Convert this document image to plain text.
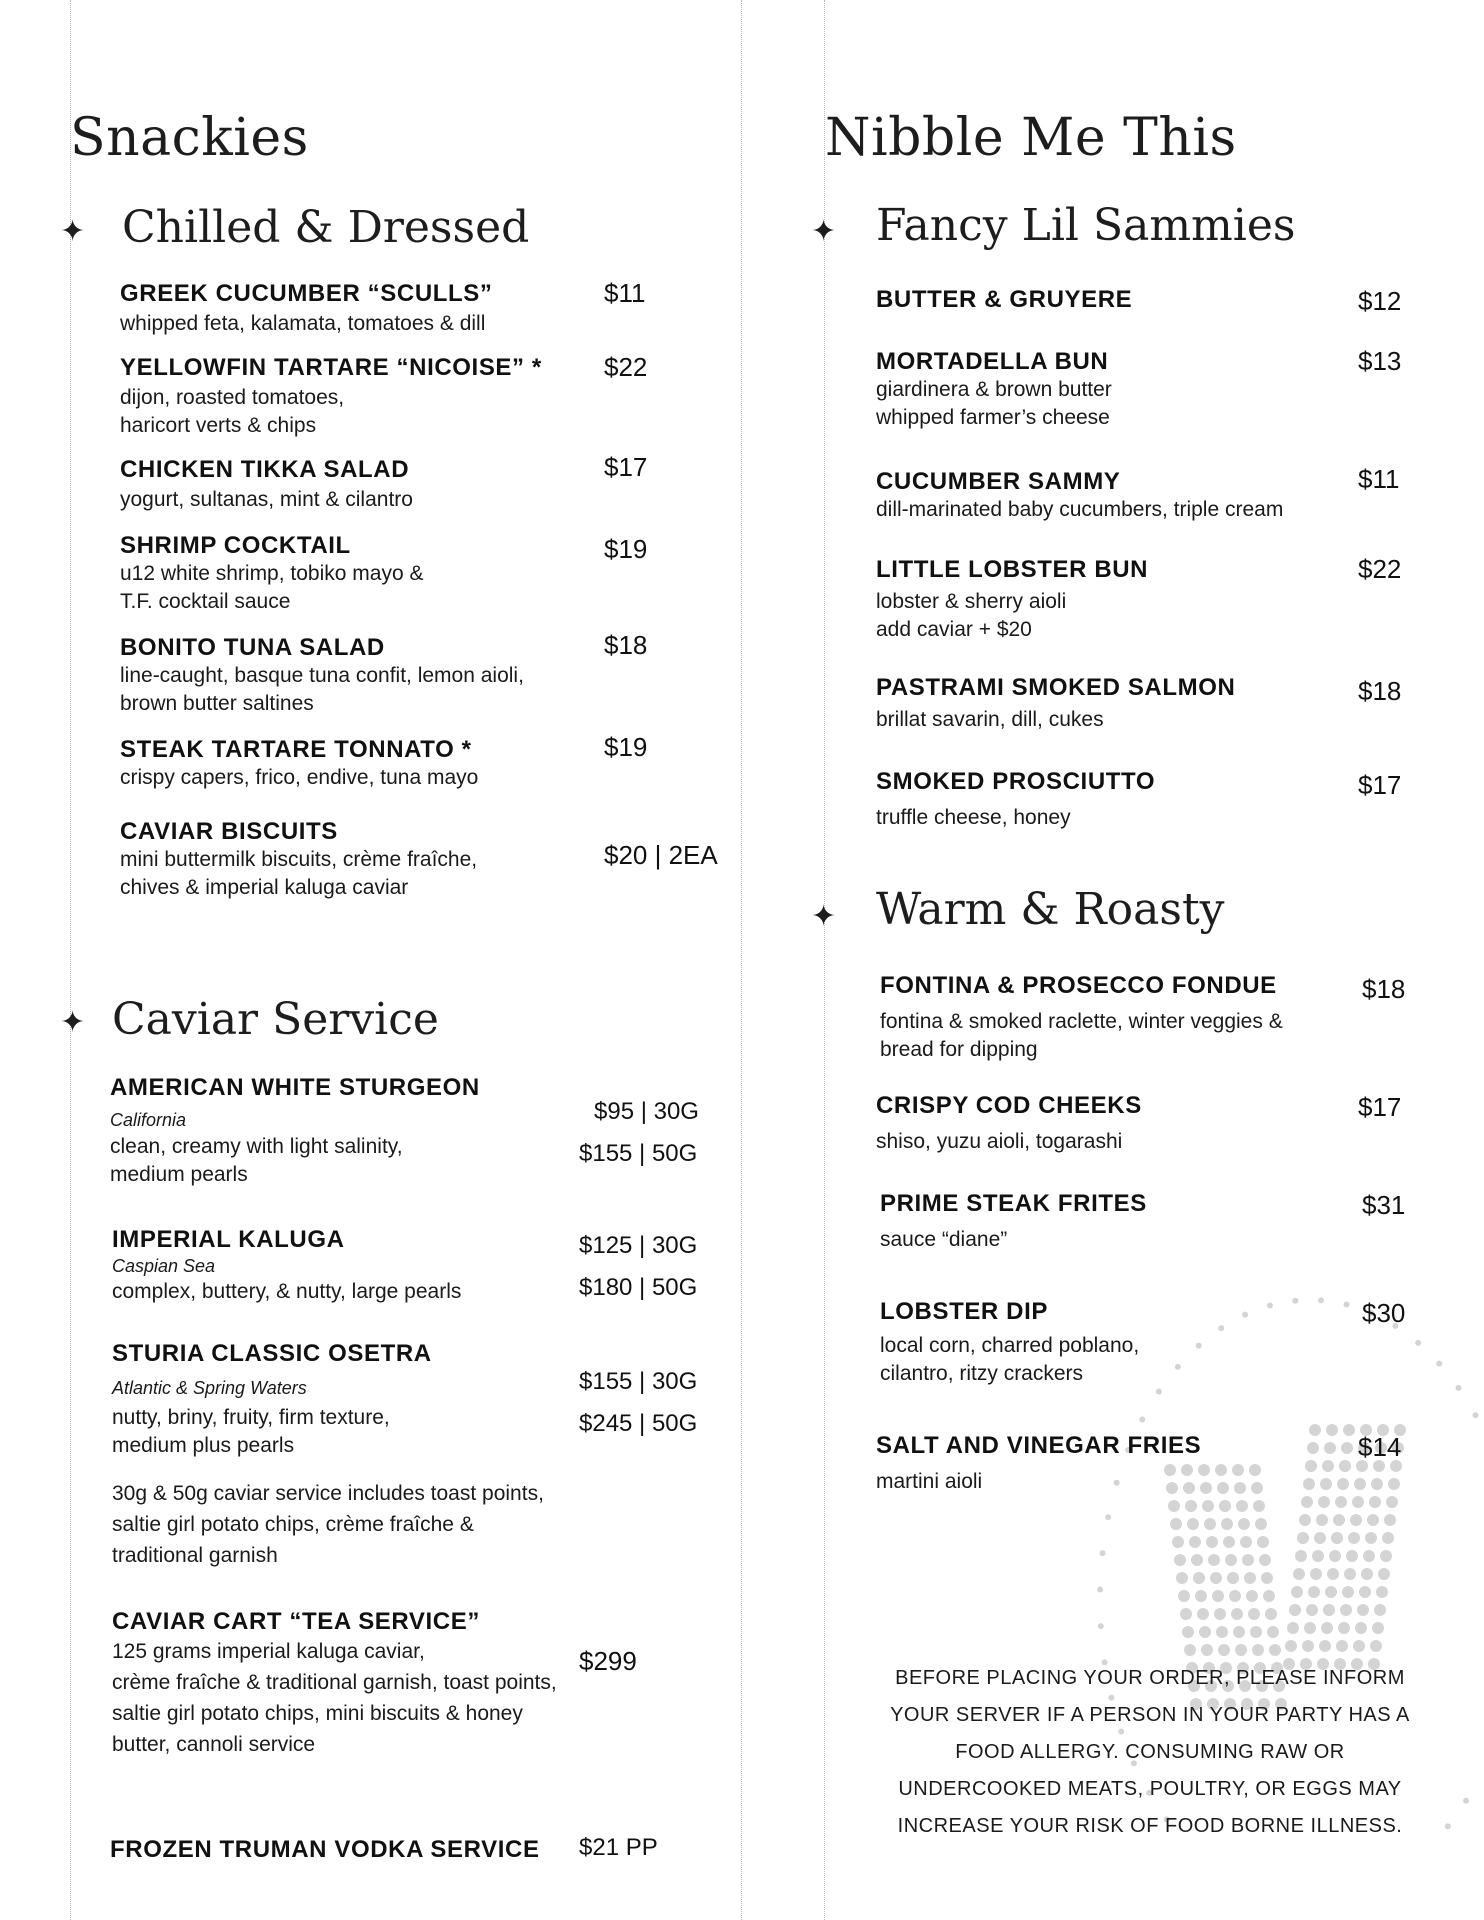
Snackies
✦ Chilled & Dressed

GREEK CUCUMBER “SCULLS”	$11

whipped feta, kalamata, tomatoes & dill

YELLOWFIN TARTARE “NICOISE” * $22

dijon, roasted tomatoes,
haricort verts & chips

CHICKEN TIKKA SALAD	$17

yogurt, sultanas, mint & cilantro

SHRIMP COCKTAIL	$19

u12 white shrimp, tobiko mayo &
T.F. cocktail sauce

BONITO TUNA SALAD	$18

line-caught, basque tuna confit, lemon aioli,
brown butter saltines

STEAK TARTARE TONNATO *	$19

crispy capers, frico, endive, tuna mayo

CAVIAR BISCUITS

$20 | 2EA

mini buttermilk biscuits, crème fraîche,
chives & imperial kaluga caviar

✦ Caviar Service

AMERICAN WHITE STURGEON

California

clean, creamy with light salinity,
medium pearls

$95 | 30G

$155 | 50G

IMPERIAL KALUGA

Caspian Sea

complex, buttery, & nutty, large pearls

$125 | 30G

$180 | 50G

STURIA CLASSIC OSETRA

Atlantic & Spring Waters

nutty, briny, fruity, firm texture,
medium plus pearls

$155 | 30G

$245 | 50G

30g & 50g caviar service includes toast points,
saltie girl potato chips, crème fraîche &
traditional garnish

CAVIAR CART “TEA SERVICE”

125 grams imperial kaluga caviar,
crème fraîche & traditional garnish, toast points,
saltie girl potato chips, mini biscuits & honey
butter, cannoli service

$299

FROZEN TRUMAN VODKA SERVICE $21 PP

Nibble Me This
✦ Fancy Lil Sammies

BUTTER & GRUYERE	$12

MORTADELLA BUN	$13

giardinera & brown butter
whipped farmer’s cheese

CUCUMBER SAMMY	$11

dill-marinated baby cucumbers, triple cream

LITTLE LOBSTER BUN	$22

lobster & sherry aioli
add caviar + $20

PASTRAMI SMOKED SALMON	$18

brillat savarin, dill, cukes

SMOKED PROSCIUTTO	$17

truffle cheese, honey

✦ Warm & Roasty

FONTINA & PROSECCO FONDUE	$18

fontina & smoked raclette, winter veggies &
bread for dipping

CRISPY COD CHEEKS	$17

shiso, yuzu aioli, togarashi

PRIME STEAK FRITES	$31

sauce “diane”

LOBSTER DIP	$30

local corn, charred poblano,
cilantro, ritzy crackers

SALT AND VINEGAR FRIES	$14

martini aioli

BEFORE PLACING YOUR ORDER, PLEASE INFORM
YOUR SERVER IF A PERSON IN YOUR PARTY HAS A
FOOD ALLERGY. CONSUMING RAW OR
UNDERCOOKED MEATS, POULTRY, OR EGGS MAY
INCREASE YOUR RISK OF FOOD BORNE ILLNESS.
